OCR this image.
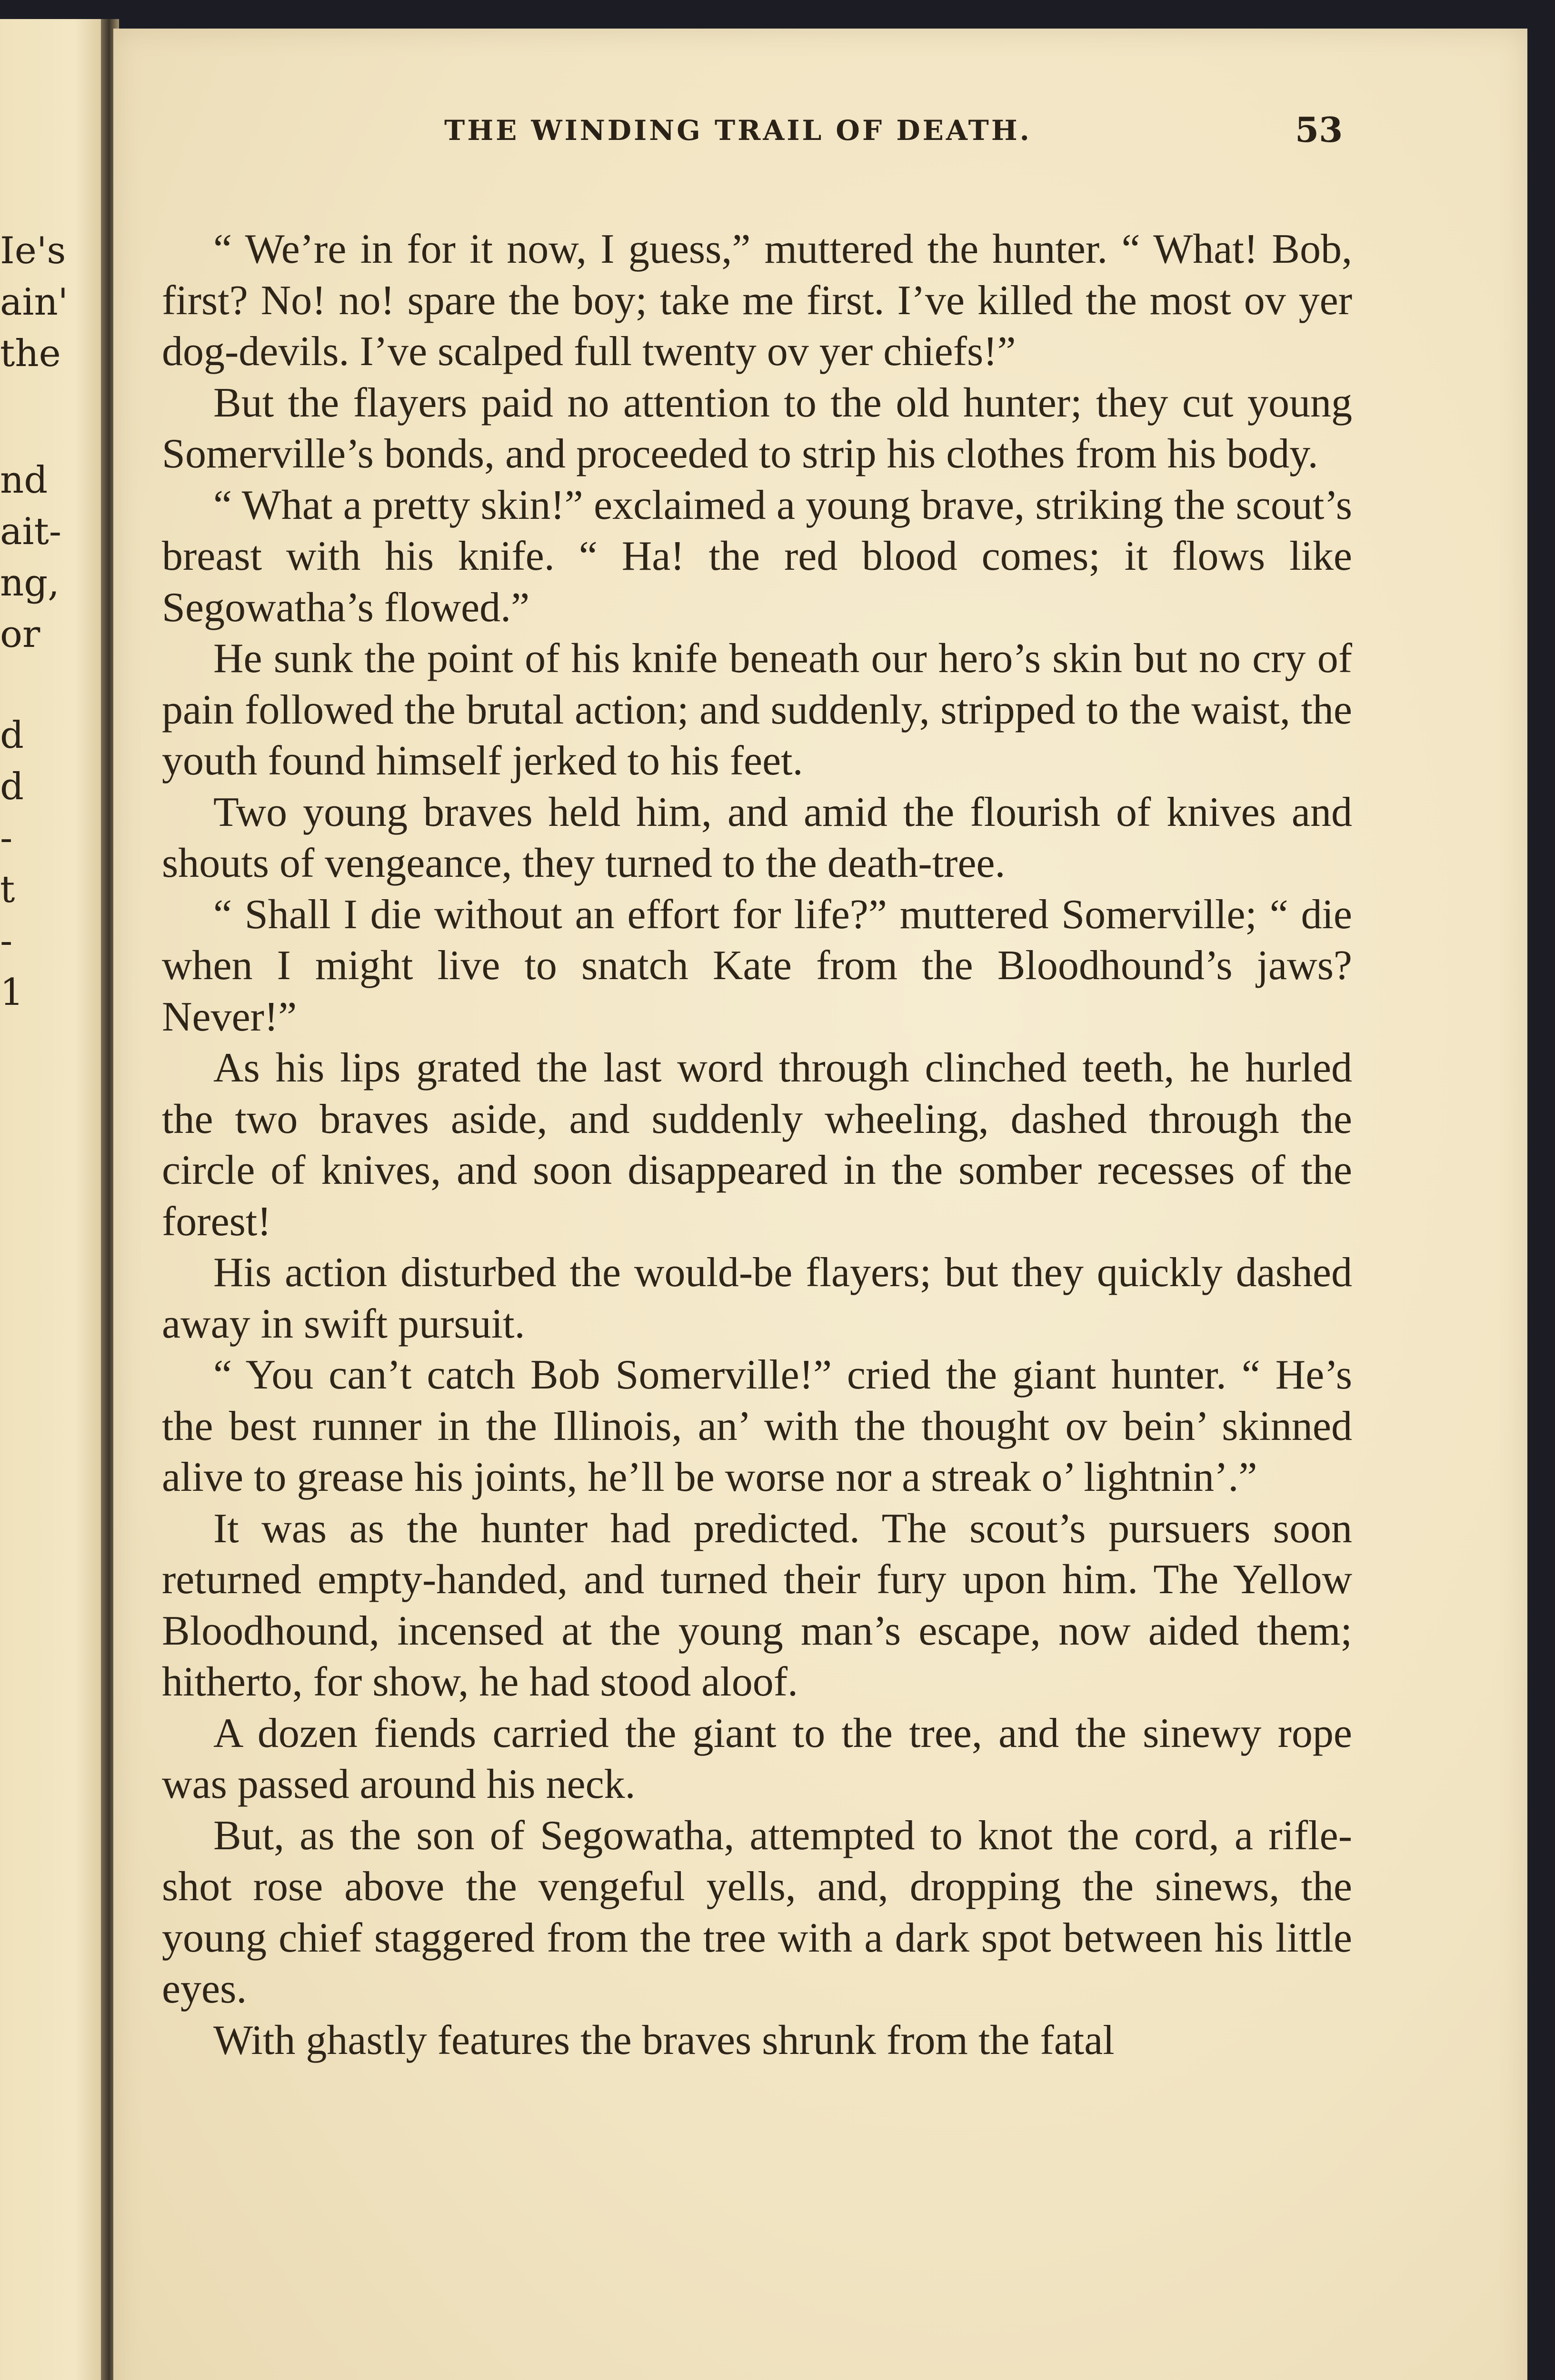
Ie's
ain'
the
nd
ait-
ng,
or
d
d
-
t
-
1
THE WINDING TRAIL OF DEATH.	53

“ We’re in for it now, I guess,” muttered the hunter. “ What! Bob, first? No! no! spare the boy; take me first. I’ve killed the most ov yer dog-devils. I’ve scalped full twenty ov yer chiefs!”

But the flayers paid no attention to the old hunter; they cut young Somerville’s bonds, and proceeded to strip his clothes from his body.

“ What a pretty skin!” exclaimed a young brave, striking the scout’s breast with his knife. “ Ha! the red blood comes; it flows like Segowatha’s flowed.”

He sunk the point of his knife beneath our hero’s skin but no cry of pain followed the brutal action; and suddenly, stripped to the waist, the youth found himself jerked to his feet.

Two young braves held him, and amid the flourish of knives and shouts of vengeance, they turned to the death-tree.

“ Shall I die without an effort for life?” muttered Somerville; “ die when I might live to snatch Kate from the Bloodhound’s jaws? Never!”

As his lips grated the last word through clinched teeth, he hurled the two braves aside, and suddenly wheeling, dashed through the circle of knives, and soon disappeared in the somber recesses of the forest!

His action disturbed the would-be flayers; but they quickly dashed away in swift pursuit.

“ You can’t catch Bob Somerville!” cried the giant hunter. “ He’s the best runner in the Illinois, an’ with the thought ov bein’ skinned alive to grease his joints, he’ll be worse nor a streak o’ lightnin’.”

It was as the hunter had predicted. The scout’s pursuers soon returned empty-handed, and turned their fury upon him. The Yellow Bloodhound, incensed at the young man’s escape, now aided them; hitherto, for show, he had stood aloof.

A dozen fiends carried the giant to the tree, and the sinewy rope was passed around his neck.

But, as the son of Segowatha, attempted to knot the cord, a rifle-shot rose above the vengeful yells, and, dropping the sinews, the young chief staggered from the tree with a dark spot between his little eyes.

With ghastly features the braves shrunk from the fatal
